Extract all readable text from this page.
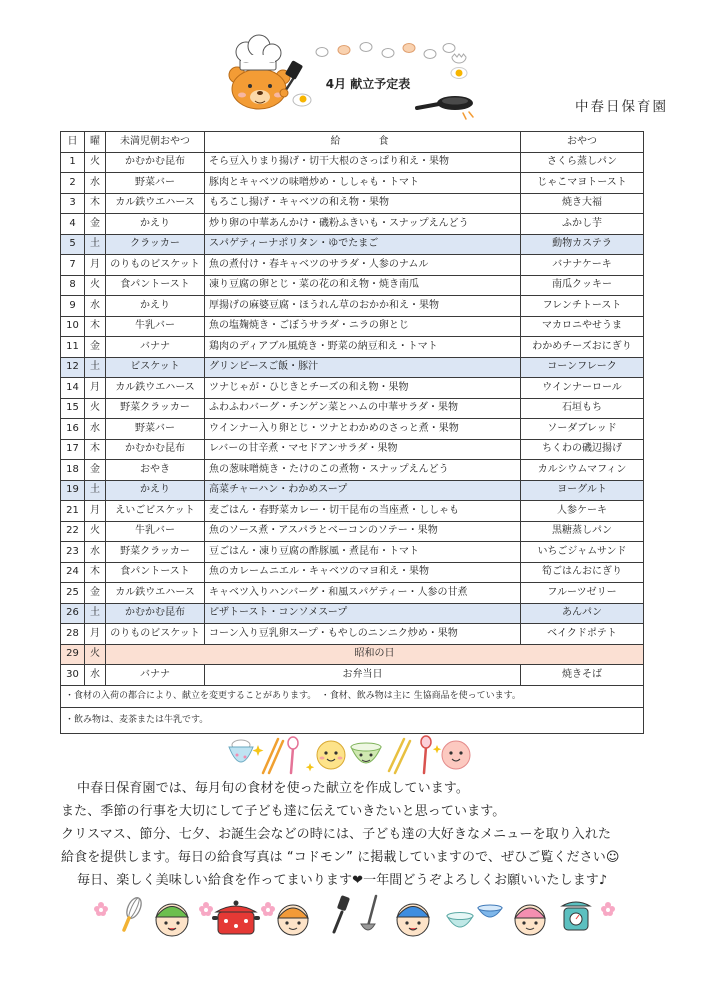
4月 献立予定表
中春日保育園
日	曜	未満児朝おやつ	給　　食	おやつ
1	火	かむかむ昆布	そら豆入りまり揚げ・切干大根のさっぱり和え・果物	さくら蒸しパン
2	水	野菜バー	豚肉とキャベツの味噌炒め・ししゃも・トマト	じゃこマヨトースト
3	木	カル鉄ウエハース	もろこし揚げ・キャベツの和え物・果物	焼き大福
4	金	かえり	炒り卵の中華あんかけ・磯粉ふきいも・スナップえんどう	ふかし芋
5	土	クラッカー	スパゲティーナポリタン・ゆでたまご	動物カステラ
7	月	のりものビスケット	魚の煮付け・春キャベツのサラダ・人参のナムル	バナナケーキ
8	火	食パントースト	凍り豆腐の卵とじ・菜の花の和え物・焼き南瓜	南瓜クッキー
9	水	かえり	厚揚げの麻婆豆腐・ほうれん草のおかか和え・果物	フレンチトースト
10	木	牛乳バー	魚の塩麹焼き・ごぼうサラダ・ニラの卵とじ	マカロニやせうま
11	金	バナナ	鶏肉のディアブル風焼き・野菜の納豆和え・トマト	わかめチーズおにぎり
12	土	ビスケット	グリンピースご飯・豚汁	コーンフレーク
14	月	カル鉄ウエハース	ツナじゃが・ひじきとチーズの和え物・果物	ウインナーロール
15	火	野菜クラッカー	ふわふわバーグ・チンゲン菜とハムの中華サラダ・果物	石垣もち
16	水	野菜バー	ウインナー入り卵とじ・ツナとわかめのさっと煮・果物	ソーダブレッド
17	木	かむかむ昆布	レバーの甘辛煮・マセドアンサラダ・果物	ちくわの磯辺揚げ
18	金	おやき	魚の葱味噌焼き・たけのこの煮物・スナップえんどう	カルシウムマフィン
19	土	かえり	高菜チャーハン・わかめスープ	ヨーグルト
21	月	えいごビスケット	麦ごはん・春野菜カレー・切干昆布の当座煮・ししゃも	人参ケーキ
22	火	牛乳バー	魚のソース煮・アスパラとベーコンのソテー・果物	黒糖蒸しパン
23	水	野菜クラッカー	豆ごはん・凍り豆腐の酢豚風・煮昆布・トマト	いちごジャムサンド
24	木	食パントースト	魚のカレームニエル・キャベツのマヨ和え・果物	筍ごはんおにぎり
25	金	カル鉄ウエハース	キャベツ入りハンバーグ・和風スパゲティー・人参の甘煮	フルーツゼリー
26	土	かむかむ昆布	ピザトースト・コンソメスープ	あんパン
28	月	のりものビスケット	コーン入り豆乳卵スープ・もやしのニンニク炒め・果物	ベイクドポテト
29	火	昭和の日		
30	水	バナナ	お弁当日	焼きそば
・食材の入荷の都合により、献立を変更することがあります。　・食材、飲み物は主に 生協商品を使っています。				
・飲み物は、麦茶または牛乳です。				
中春日保育園では、毎月旬の食材を使った献立を作成しています。
また、季節の行事を大切にして子ども達に伝えていきたいと思っています。
クリスマス、節分、七夕、お誕生会などの時には、子ども達の大好きなメニューを取り入れた
給食を提供します。毎日の給食写真は “コドモン” に掲載していますので、ぜひご覧ください☺
毎日、楽しく美味しい給食を作ってまいります❤一年間どうぞよろしくお願いいたします♪
